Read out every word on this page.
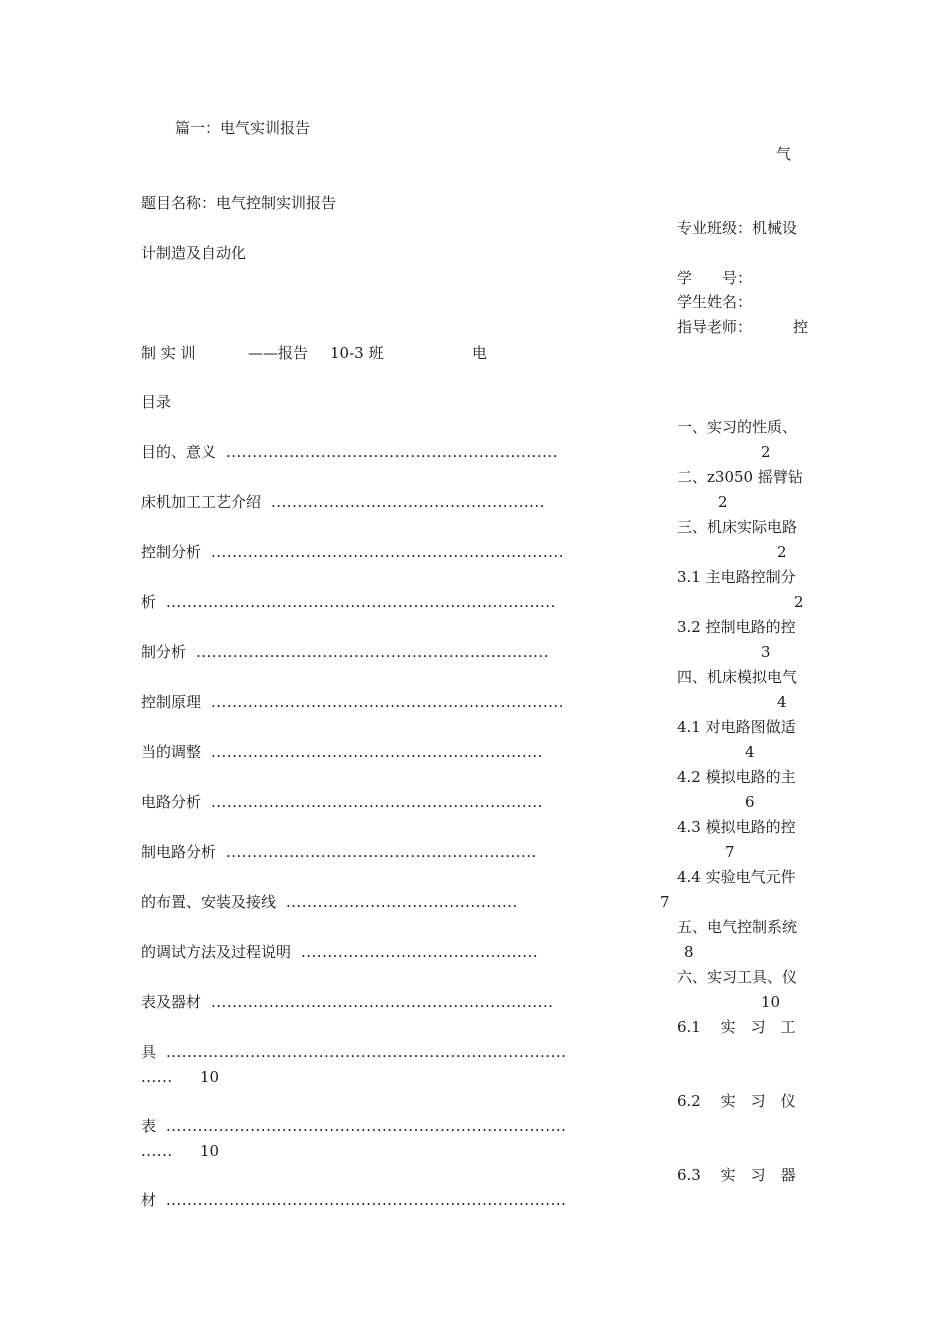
篇一：电气实训报告
气
题目名称：电气控制实训报告
专业班级：机械设
计制造及自动化
学　　号：
学生姓名：
指导老师：	控
制 实 训	——报告 10-3 班	电
目录
一、实习的性质、
目的、意义 ...............................................................	2
二、z3050 摇臂钻
床机加工工艺介绍 ....................................................	2
三、机床实际电路
控制分析 ...................................................................	2
3.1 主电路控制分
析 ..........................................................................	2
3.2 控制电路的控
制分析 ...................................................................	3
四、机床模拟电气
控制原理 ...................................................................	4
4.1 对电路图做适
当的调整 ...............................................................	4
4.2 模拟电路的主
电路分析 ...............................................................	6
4.3 模拟电路的控
制电路分析 ...........................................................	7
4.4 实验电气元件
的布置、安装及接线 ............................................	7
五、电气控制系统
的调试方法及过程说明 .............................................	8
六、实习工具、仪
表及器材 .................................................................	10
6.1　 实　习　工
具 ............................................................................
...... 10
6.2　 实　习　仪
表 ............................................................................
...... 10
6.3　 实　习　器
材 ............................................................................
